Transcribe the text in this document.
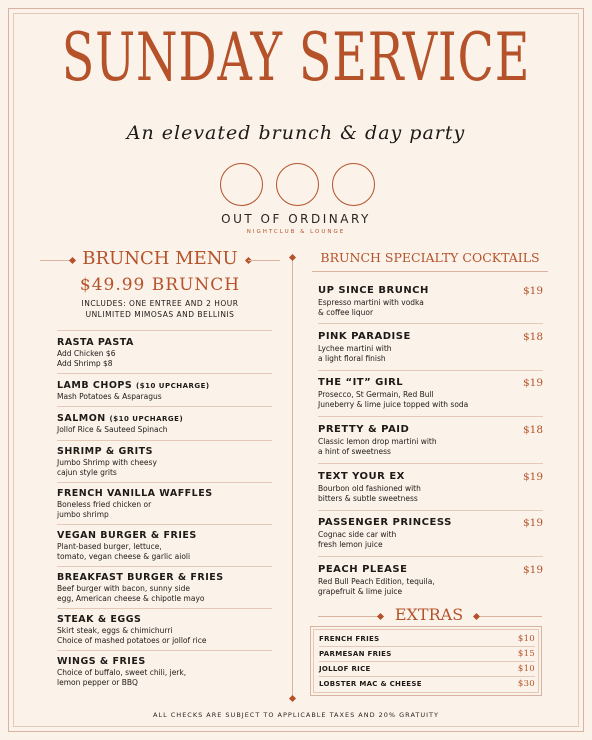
SUNDAY SERVICE
An elevated brunch & day party
OUT OF ORDINARY
NIGHTCLUB & LOUNGE
BRUNCH MENU
$49.99 BRUNCH
INCLUDES: ONE ENTREE AND 2 HOUR
UNLIMITED MIMOSAS AND BELLINIS
RASTA PASTA
Add Chicken $6
Add Shrimp $8
LAMB CHOPS ($10 UPCHARGE)
Mash Potatoes & Asparagus
SALMON ($10 UPCHARGE)
Jollof Rice & Sauteed Spinach
SHRIMP & GRITS
Jumbo Shrimp with cheesy
cajun style grits
FRENCH VANILLA WAFFLES
Boneless fried chicken or
jumbo shrimp
VEGAN BURGER & FRIES
Plant-based burger, lettuce,
tomato, vegan cheese & garlic aioli
BREAKFAST BURGER & FRIES
Beef burger with bacon, sunny side
egg, American cheese & chipotle mayo
STEAK & EGGS
Skirt steak, eggs & chimichurri
Choice of mashed potatoes or jollof rice
WINGS & FRIES
Choice of buffalo, sweet chili, jerk,
lemon pepper or BBQ
BRUNCH SPECIALTY COCKTAILS
UP SINCE BRUNCH
Espresso martini with vodka
& coffee liquor
$19
PINK PARADISE
Lychee martini with
a light floral finish
$18
THE “IT” GIRL
Prosecco, St Germain, Red Bull
Juneberry & lime juice topped with soda
$19
PRETTY & PAID
Classic lemon drop martini with
a hint of sweetness
$18
TEXT YOUR EX
Bourbon old fashioned with
bitters & subtle sweetness
$19
PASSENGER PRINCESS
Cognac side car with
fresh lemon juice
$19
PEACH PLEASE
Red Bull Peach Edition, tequila,
grapefruit & lime juice
$19
EXTRAS
FRENCH FRIES	$10
PARMESAN FRIES	$15
JOLLOF RICE	$10
LOBSTER MAC & CHEESE	$30
ALL CHECKS ARE SUBJECT TO APPLICABLE TAXES AND 20% GRATUITY
